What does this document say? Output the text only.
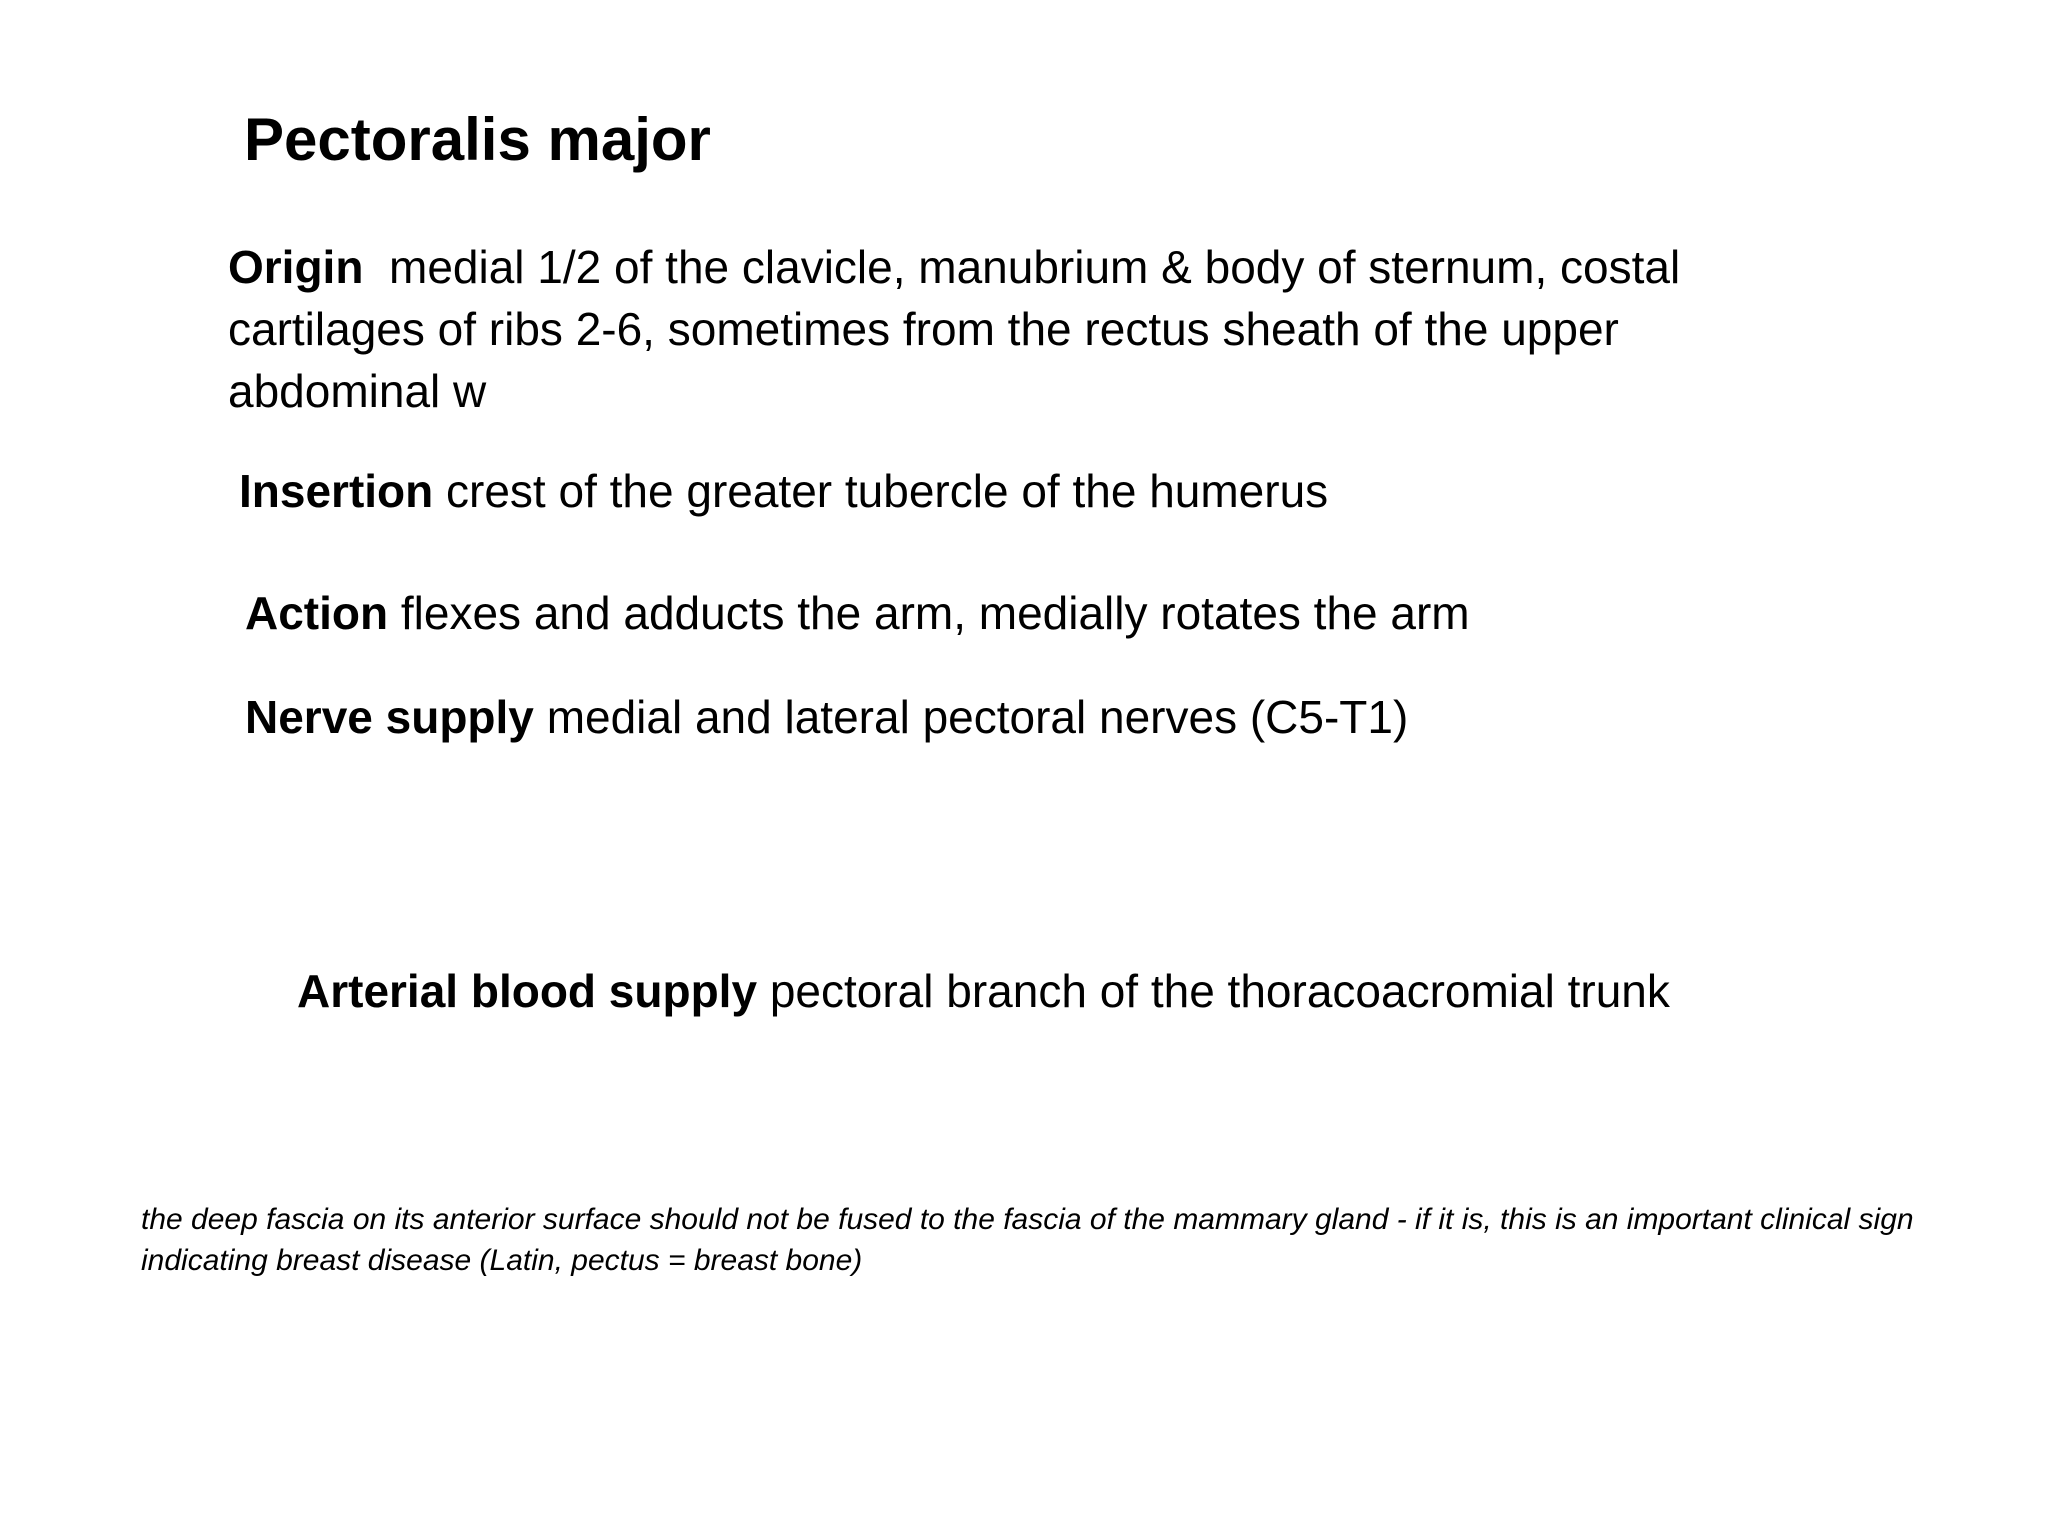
Pectoralis major
Origin medial 1/2 of the clavicle, manubrium & body of sternum, costal cartilages of ribs 2-6, sometimes from the rectus sheath of the upper abdominal w
Insertion crest of the greater tubercle of the humerus
Action flexes and adducts the arm, medially rotates the arm
Nerve supply medial and lateral pectoral nerves (C5-T1)
Arterial blood supply pectoral branch of the thoracoacromial trunk
the deep fascia on its anterior surface should not be fused to the fascia of the mammary gland - if it is, this is an important clinical sign indicating breast disease (Latin, pectus = breast bone)
